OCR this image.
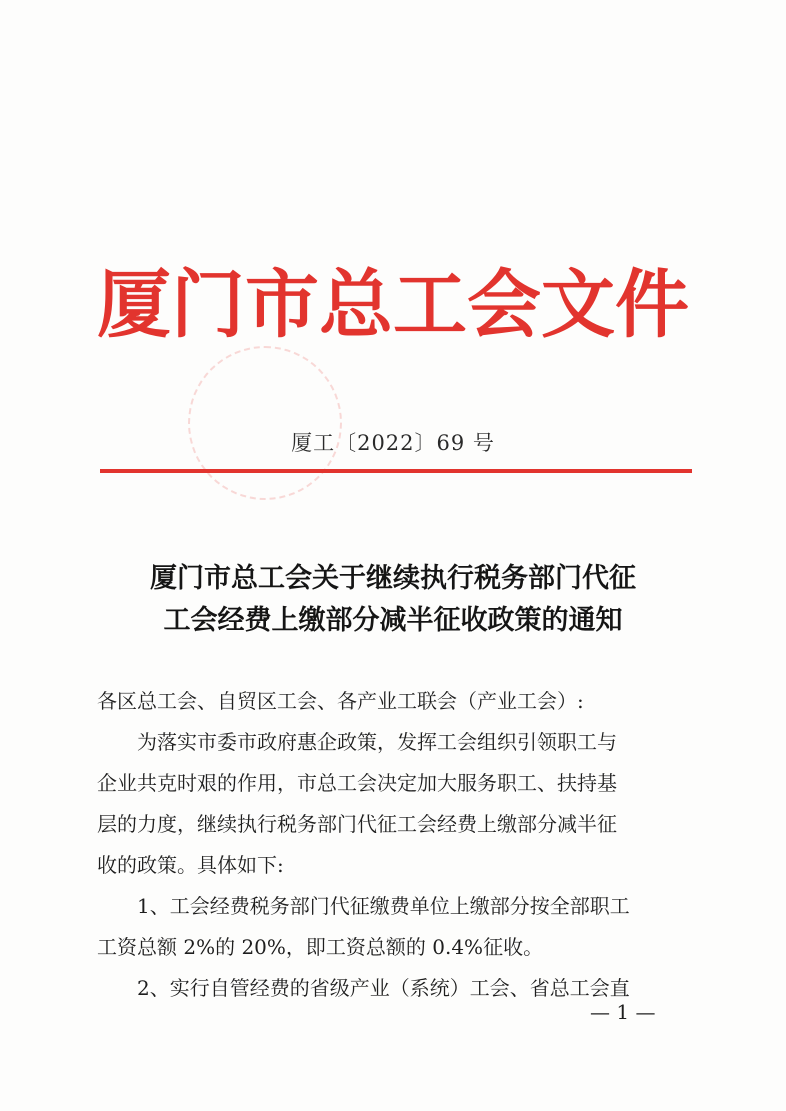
厦门市总工会文件
厦工〔2022〕69 号
厦门市总工会关于继续执行税务部门代征
工会经费上缴部分减半征收政策的通知

各区总工会、自贸区工会、各产业工联会（产业工会）:

为落实市委市政府惠企政策，发挥工会组织引领职工与

企业共克时艰的作用，市总工会决定加大服务职工、扶持基

层的力度，继续执行税务部门代征工会经费上缴部分减半征

收的政策。具体如下:

1、工会经费税务部门代征缴费单位上缴部分按全部职工

工资总额 2%的 20%，即工资总额的 0.4%征收。

2、实行自管经费的省级产业（系统）工会、省总工会直

— 1 —
